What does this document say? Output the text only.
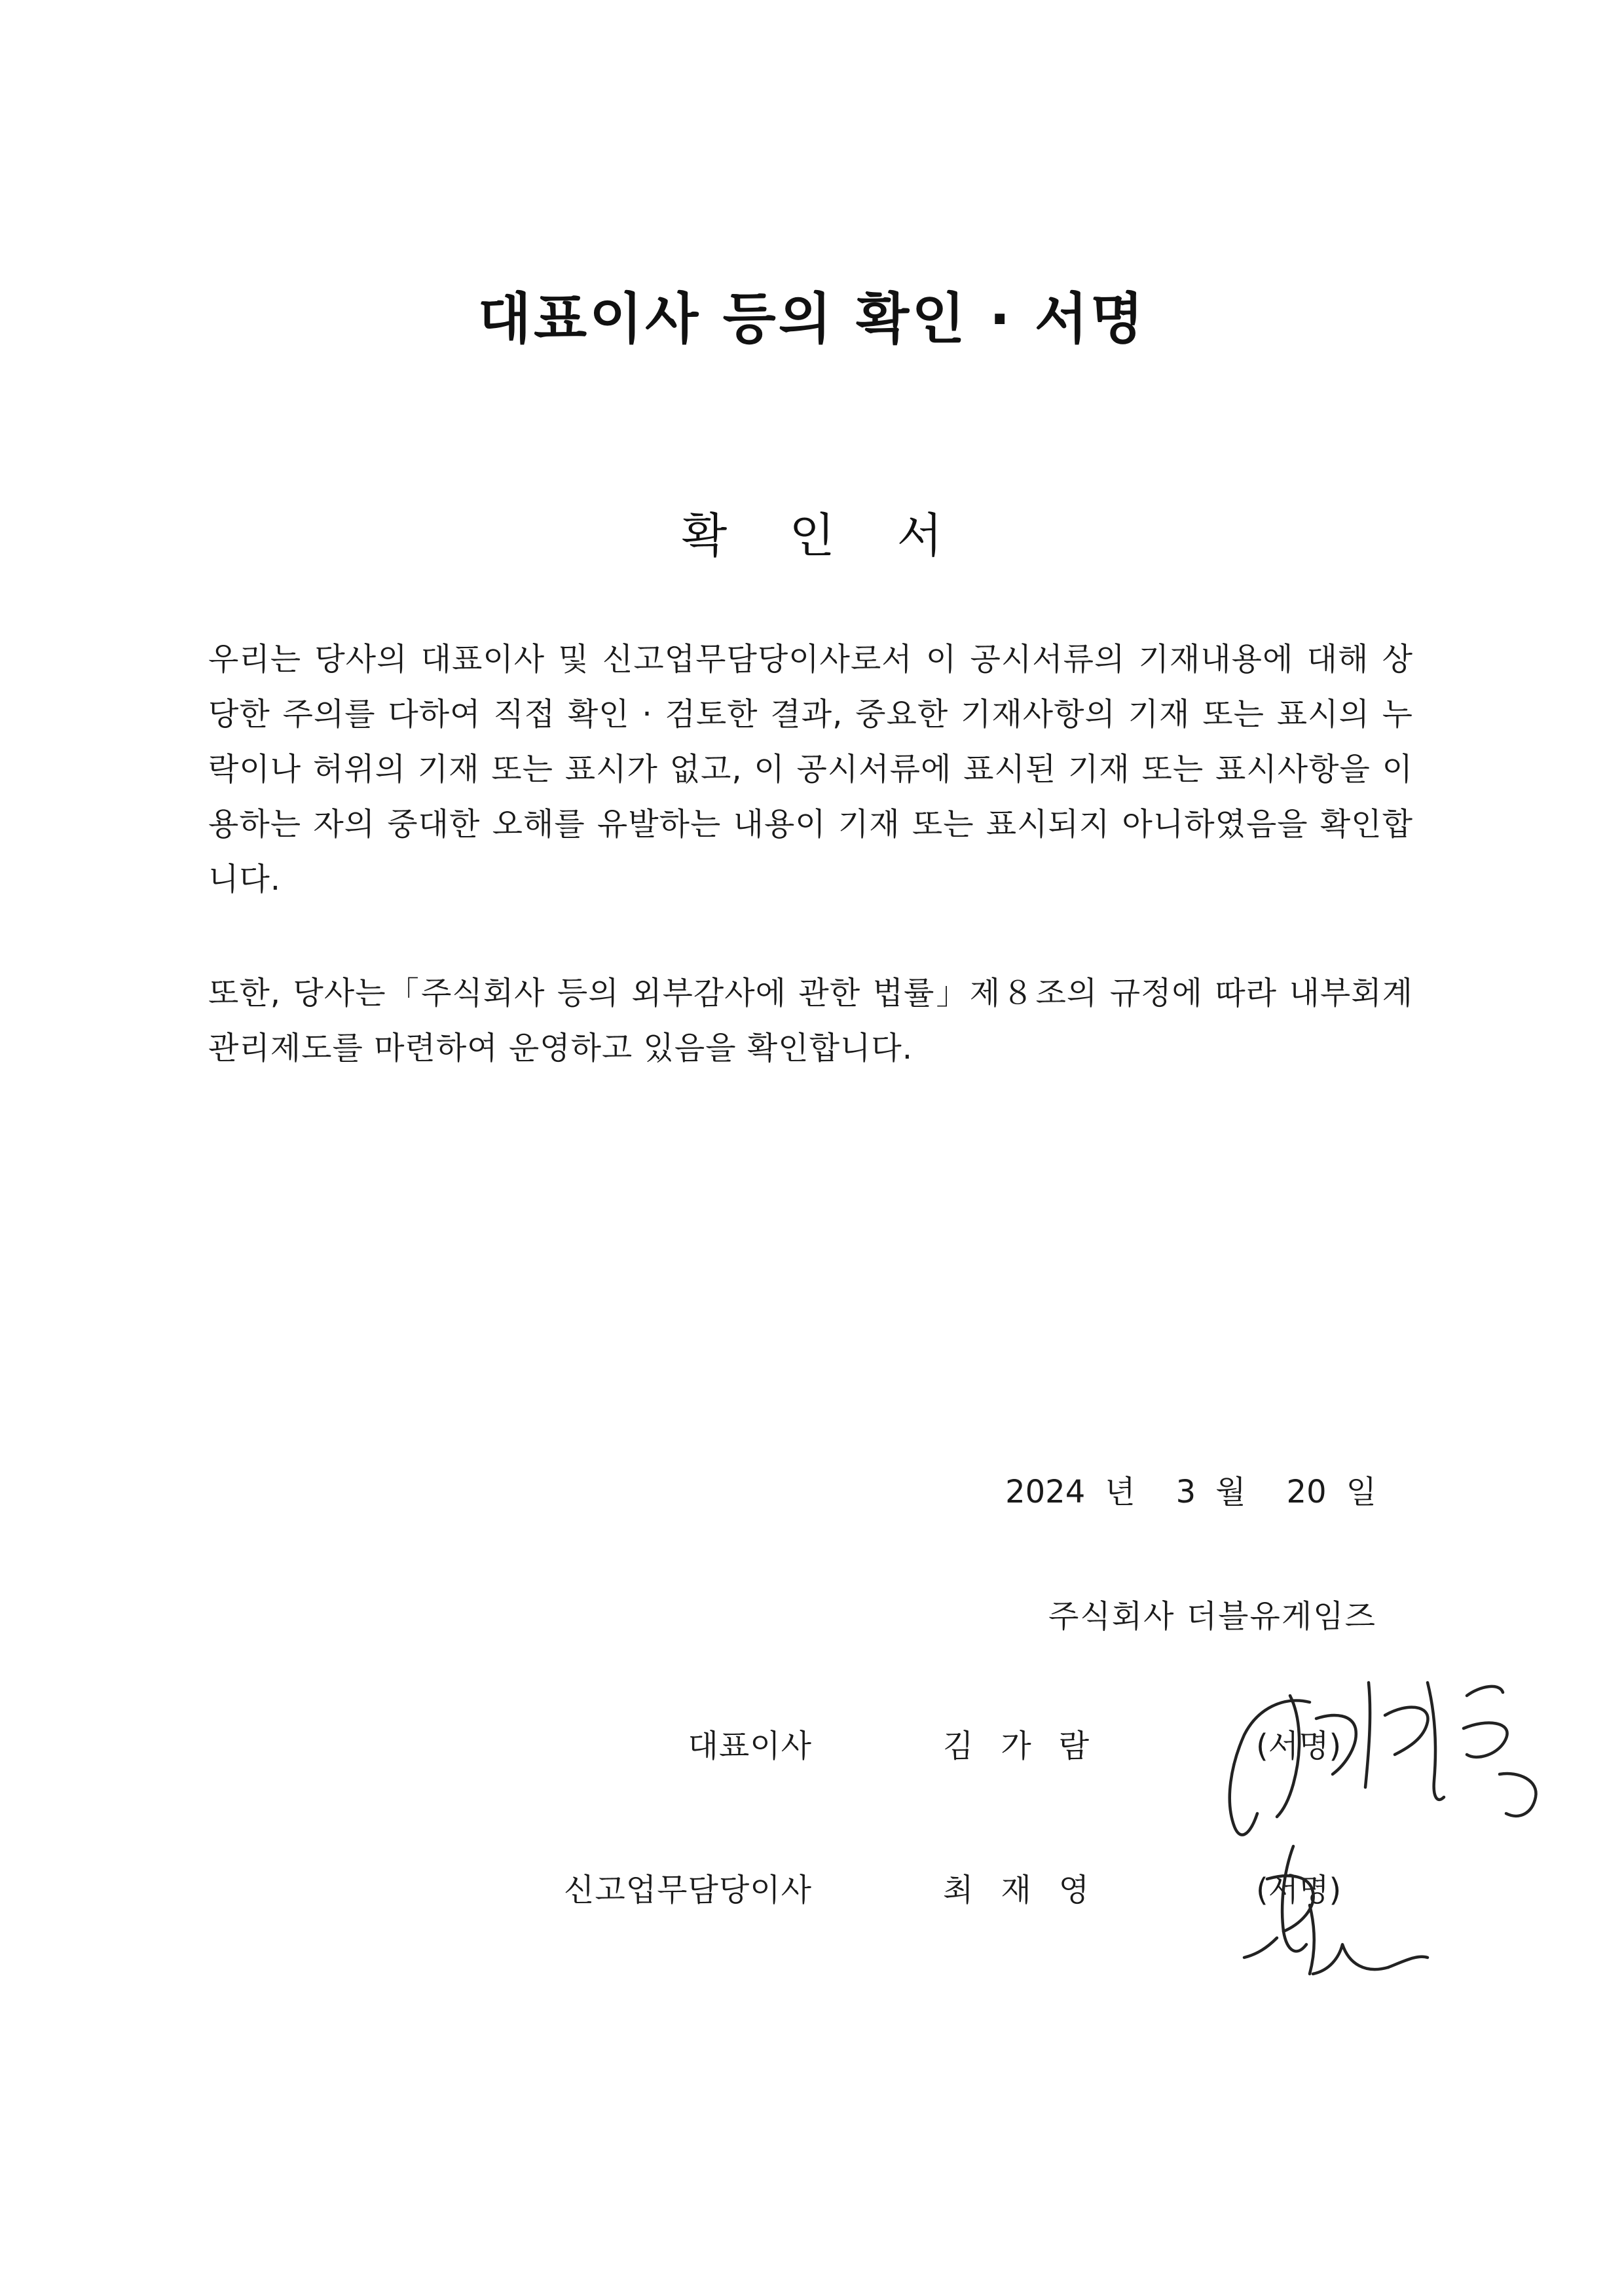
대표이사 등의 확인 · 서명
확 인 서
우리는 당사의 대표이사 및 신고업무담당이사로서 이 공시서류의 기재내용에 대해 상당한 주의를 다하여 직접 확인 · 검토한 결과, 중요한 기재사항의 기재 또는 표시의 누락이나 허위의 기재 또는 표시가 없고, 이 공시서류에 표시된 기재 또는 표시사항을 이용하는 자의 중대한 오해를 유발하는 내용이 기재 또는 표시되지 아니하였음을 확인합니다.
또한, 당사는「주식회사 등의 외부감사에 관한 법률」제８조의 규정에 따라 내부회계관리제도를 마련하여 운영하고 있음을 확인합니다.
2024 년 3 월 20 일
주식회사 더블유게임즈
대표이사	김가람	(서명)
신고업무담당이사	최재영	(서명)
